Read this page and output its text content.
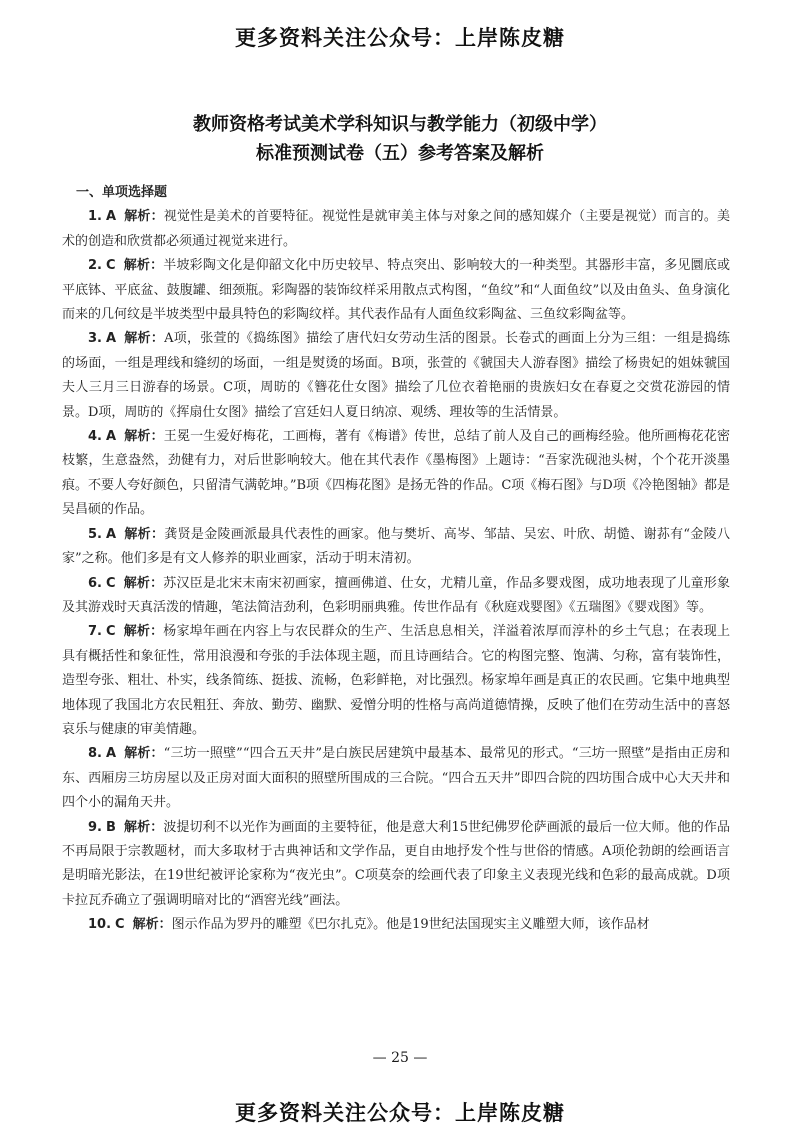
更多资料关注公众号：上岸陈皮糖
教师资格考试美术学科知识与教学能力（初级中学）
标准预测试卷（五）参考答案及解析
一、单项选择题

1. A 解析：视觉性是美术的首要特征。视觉性是就审美主体与对象之间的感知媒介（主要是视觉）而言的。美术的创造和欣赏都必须通过视觉来进行。

2. C 解析：半坡彩陶文化是仰韶文化中历史较早、特点突出、影响较大的一种类型。其器形丰富，多见圜底或平底钵、平底盆、鼓腹罐、细颈瓶。彩陶器的装饰纹样采用散点式构图，“鱼纹”和“人面鱼纹”以及由鱼头、鱼身演化而来的几何纹是半坡类型中最具特色的彩陶纹样。其代表作品有人面鱼纹彩陶盆、三鱼纹彩陶盆等。

3. A 解析：A项，张萱的《捣练图》描绘了唐代妇女劳动生活的图景。长卷式的画面上分为三组：一组是捣练的场面，一组是理线和缝纫的场面，一组是熨烫的场面。B项，张萱的《虢国夫人游春图》描绘了杨贵妃的姐妹虢国夫人三月三日游春的场景。C项，周昉的《簪花仕女图》描绘了几位衣着艳丽的贵族妇女在春夏之交赏花游园的情景。D项，周昉的《挥扇仕女图》描绘了宫廷妇人夏日纳凉、观绣、理妆等的生活情景。

4. A 解析：王冕一生爱好梅花，工画梅，著有《梅谱》传世，总结了前人及自己的画梅经验。他所画梅花花密枝繁，生意盎然，劲健有力，对后世影响较大。他在其代表作《墨梅图》上题诗：“吾家洗砚池头树，个个花开淡墨痕。不要人夸好颜色，只留清气满乾坤。”B项《四梅花图》是扬无咎的作品。C项《梅石图》与D项《冷艳图轴》都是吴昌硕的作品。

5. A 解析：龚贤是金陵画派最具代表性的画家。他与樊圻、高岑、邹喆、吴宏、叶欣、胡慥、谢荪有“金陵八家”之称。他们多是有文人修养的职业画家，活动于明末清初。

6. C 解析：苏汉臣是北宋末南宋初画家，擅画佛道、仕女，尤精儿童，作品多婴戏图，成功地表现了儿童形象及其游戏时天真活泼的情趣，笔法简洁劲利，色彩明丽典雅。传世作品有《秋庭戏婴图》《五瑞图》《婴戏图》等。

7. C 解析：杨家埠年画在内容上与农民群众的生产、生活息息相关，洋溢着浓厚而淳朴的乡土气息；在表现上具有概括性和象征性，常用浪漫和夸张的手法体现主题，而且诗画结合。它的构图完整、饱满、匀称，富有装饰性，造型夸张、粗壮、朴实，线条简练、挺拔、流畅，色彩鲜艳，对比强烈。杨家埠年画是真正的农民画。它集中地典型地体现了我国北方农民粗狂、奔放、勤劳、幽默、爱憎分明的性格与高尚道德情操，反映了他们在劳动生活中的喜怒哀乐与健康的审美情趣。

8. A 解析：“三坊一照壁”“四合五天井”是白族民居建筑中最基本、最常见的形式。“三坊一照壁”是指由正房和东、西厢房三坊房屋以及正房对面大面积的照壁所围成的三合院。“四合五天井”即四合院的四坊围合成中心大天井和四个小的漏角天井。

9. B 解析：波提切利不以光作为画面的主要特征，他是意大利15世纪佛罗伦萨画派的最后一位大师。他的作品不再局限于宗教题材，而大多取材于古典神话和文学作品，更自由地抒发个性与世俗的情感。A项伦勃朗的绘画语言是明暗光影法，在19世纪被评论家称为“夜光虫”。C项莫奈的绘画代表了印象主义表现光线和色彩的最高成就。D项卡拉瓦乔确立了强调明暗对比的“酒窖光线”画法。

10. C 解析：图示作品为罗丹的雕塑《巴尔扎克》。他是19世纪法国现实主义雕塑大师，该作品材

— 25 —
更多资料关注公众号：上岸陈皮糖
